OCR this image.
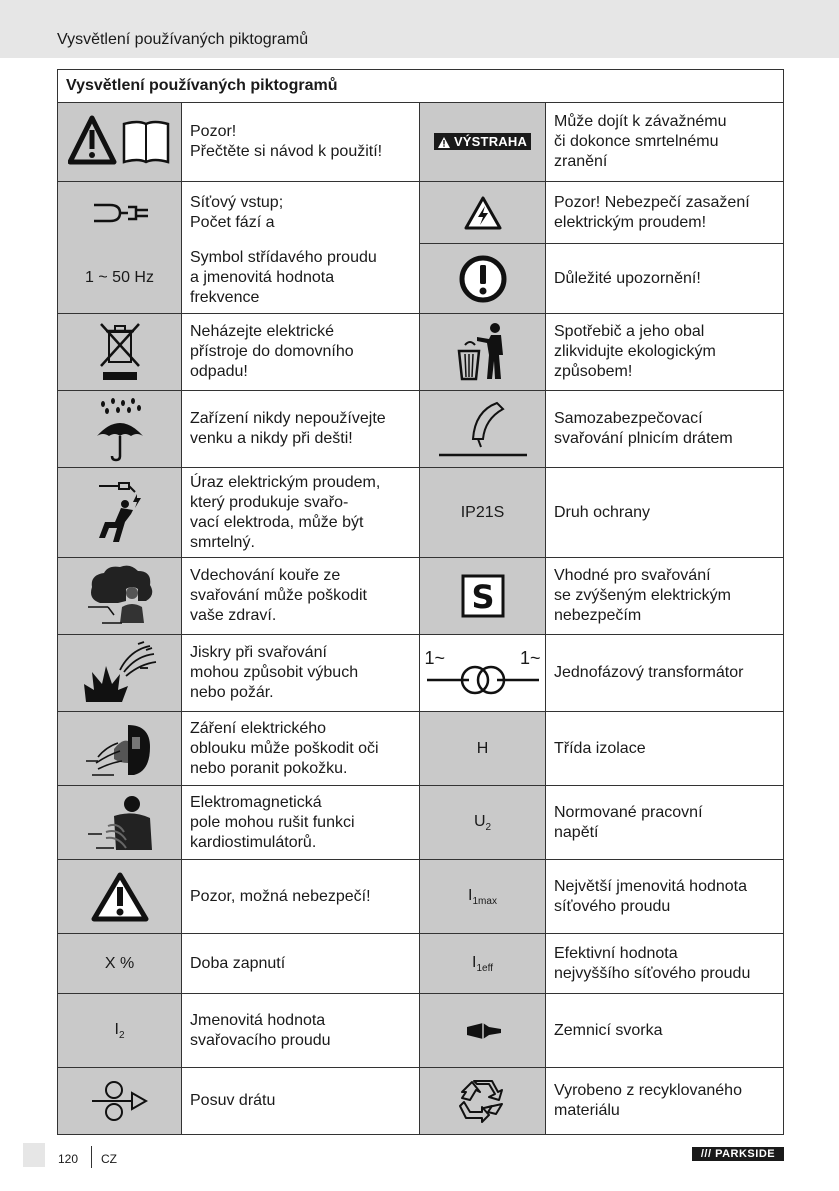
Vysvětlení používaných piktogramů
Vysvětlení používaných piktogramů			

	Pozor!
Přečtěte si návod k použití!	VÝSTRAHA	Může dojít k závažnému
či dokonce smrtelnému
zranění

	Síťový vstup;
Počet fází a		Pozor! Nebezpečí zasažení
elektrickým proudem!
1 ~ 50 Hz	Symbol střídavého proudu
a jmenovitá hodnota
frekvence		Důležité upozornění!

	Neházejte elektrické
přístroje do domovního
odpadu!		Spotřebič a jeho obal
zlikvidujte ekologickým
způsobem!

	Zařízení nikdy nepoužívejte
venku a nikdy při dešti!		Samozabezpečovací
svařování plnicím drátem

	Úraz elektrickým proudem,
který produkuje svařo-
vací elektroda, může být
smrtelný.	IP21S	Druh ochrany

	Vdechování kouře ze
svařování může poškodit
vaše zdraví.	S	Vhodné pro svařování
se zvýšeným elektrickým
nebezpečím

	Jiskry při svařování
mohou způsobit výbuch
nebo požár.	1~ 1~	Jednofázový transformátor

	Záření elektrického
oblouku může poškodit oči
nebo poranit pokožku.	H	Třída izolace

	Elektromagnetická
pole mohou rušit funkci
kardiostimulátorů.	$U_2$	Normované pracovní
napětí

	Pozor, možná nebezpečí!	$I_{1max}$	Největší jmenovitá hodnota
síťového proudu
X %	Doba zapnutí	$I_{1eff}$	Efektivní hodnota
nejvyššího síťového proudu
$I_2$	Jmenovitá hodnota
svařovacího proudu		Zemnicí svorka

	Posuv drátu		Vyrobeno z recyklovaného
materiálu
120 CZ	/// PARKSIDE
